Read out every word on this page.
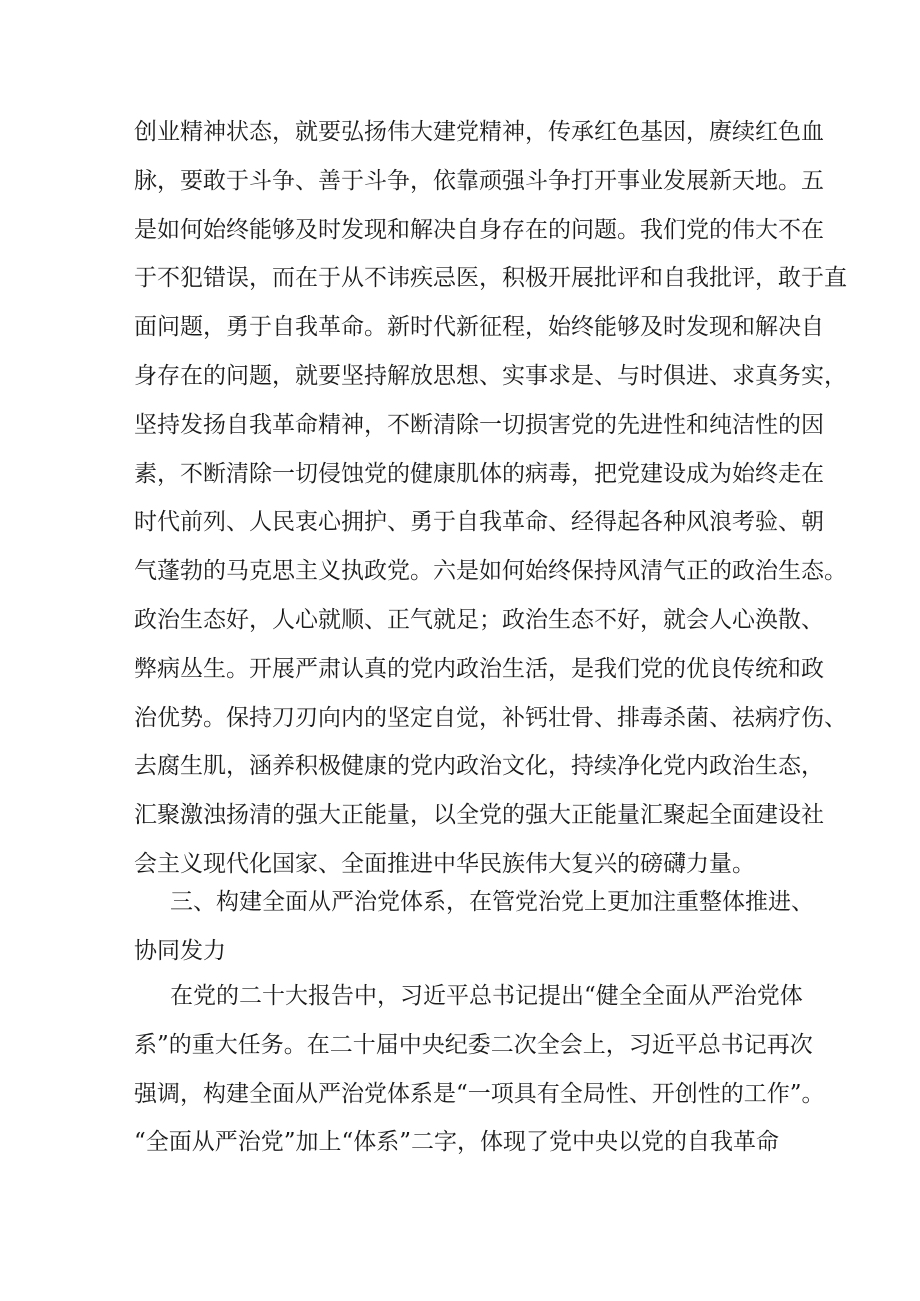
创业精神状态，就要弘扬伟大建党精神，传承红色基因，赓续红色血
脉，要敢于斗争、善于斗争，依靠顽强斗争打开事业发展新天地。五
是如何始终能够及时发现和解决自身存在的问题。我们党的伟大不在
于不犯错误，而在于从不讳疾忌医，积极开展批评和自我批评，敢于直
面问题，勇于自我革命。新时代新征程，始终能够及时发现和解决自
身存在的问题，就要坚持解放思想、实事求是、与时俱进、求真务实，
坚持发扬自我革命精神，不断清除一切损害党的先进性和纯洁性的因
素，不断清除一切侵蚀党的健康肌体的病毒，把党建设成为始终走在
时代前列、人民衷心拥护、勇于自我革命、经得起各种风浪考验、朝
气蓬勃的马克思主义执政党。六是如何始终保持风清气正的政治生态。
政治生态好，人心就顺、正气就足；政治生态不好，就会人心涣散、
弊病丛生。开展严肃认真的党内政治生活，是我们党的优良传统和政
治优势。保持刀刃向内的坚定自觉，补钙壮骨、排毒杀菌、祛病疗伤、
去腐生肌，涵养积极健康的党内政治文化，持续净化党内政治生态，
汇聚激浊扬清的强大正能量，以全党的强大正能量汇聚起全面建设社
会主义现代化国家、全面推进中华民族伟大复兴的磅礴力量。
三、构建全面从严治党体系，在管党治党上更加注重整体推进、
协同发力
在党的二十大报告中，习近平总书记提出“健全全面从严治党体
系”的重大任务。在二十届中央纪委二次全会上，习近平总书记再次
强调，构建全面从严治党体系是“一项具有全局性、开创性的工作”。
“全面从严治党”加上“体系”二字，体现了党中央以党的自我革命
